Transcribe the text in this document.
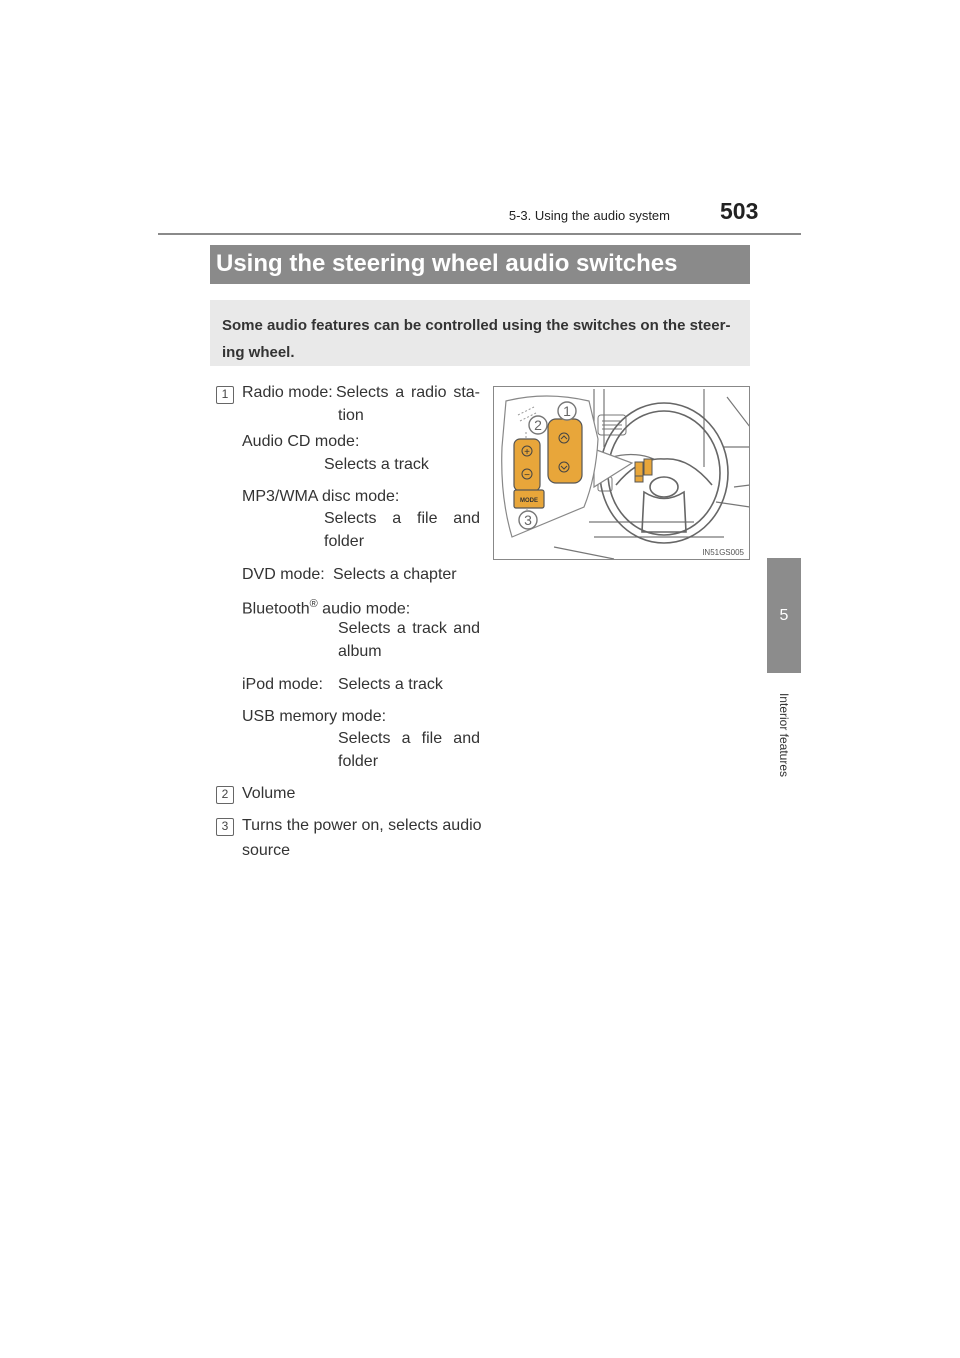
5-3. Using the audio system 503
5
Interior features
Using the steering wheel audio switches
Some audio features can be controlled using the switches on the steer-
ing wheel.
1 Radio mode: Selects a radio sta-
tion
Audio CD mode:
Selects a track
MP3/WMA disc mode:
Selects a file and
folder
DVD mode: Selects a chapter
Bluetooth® audio mode:
Selects a track and
album
iPod mode: Selects a track
USB memory mode:
Selects a file and
folder
2 Volume
3 Turns the power on, selects audio
source
2
1
3
+
−
MODE
IN51GS005
